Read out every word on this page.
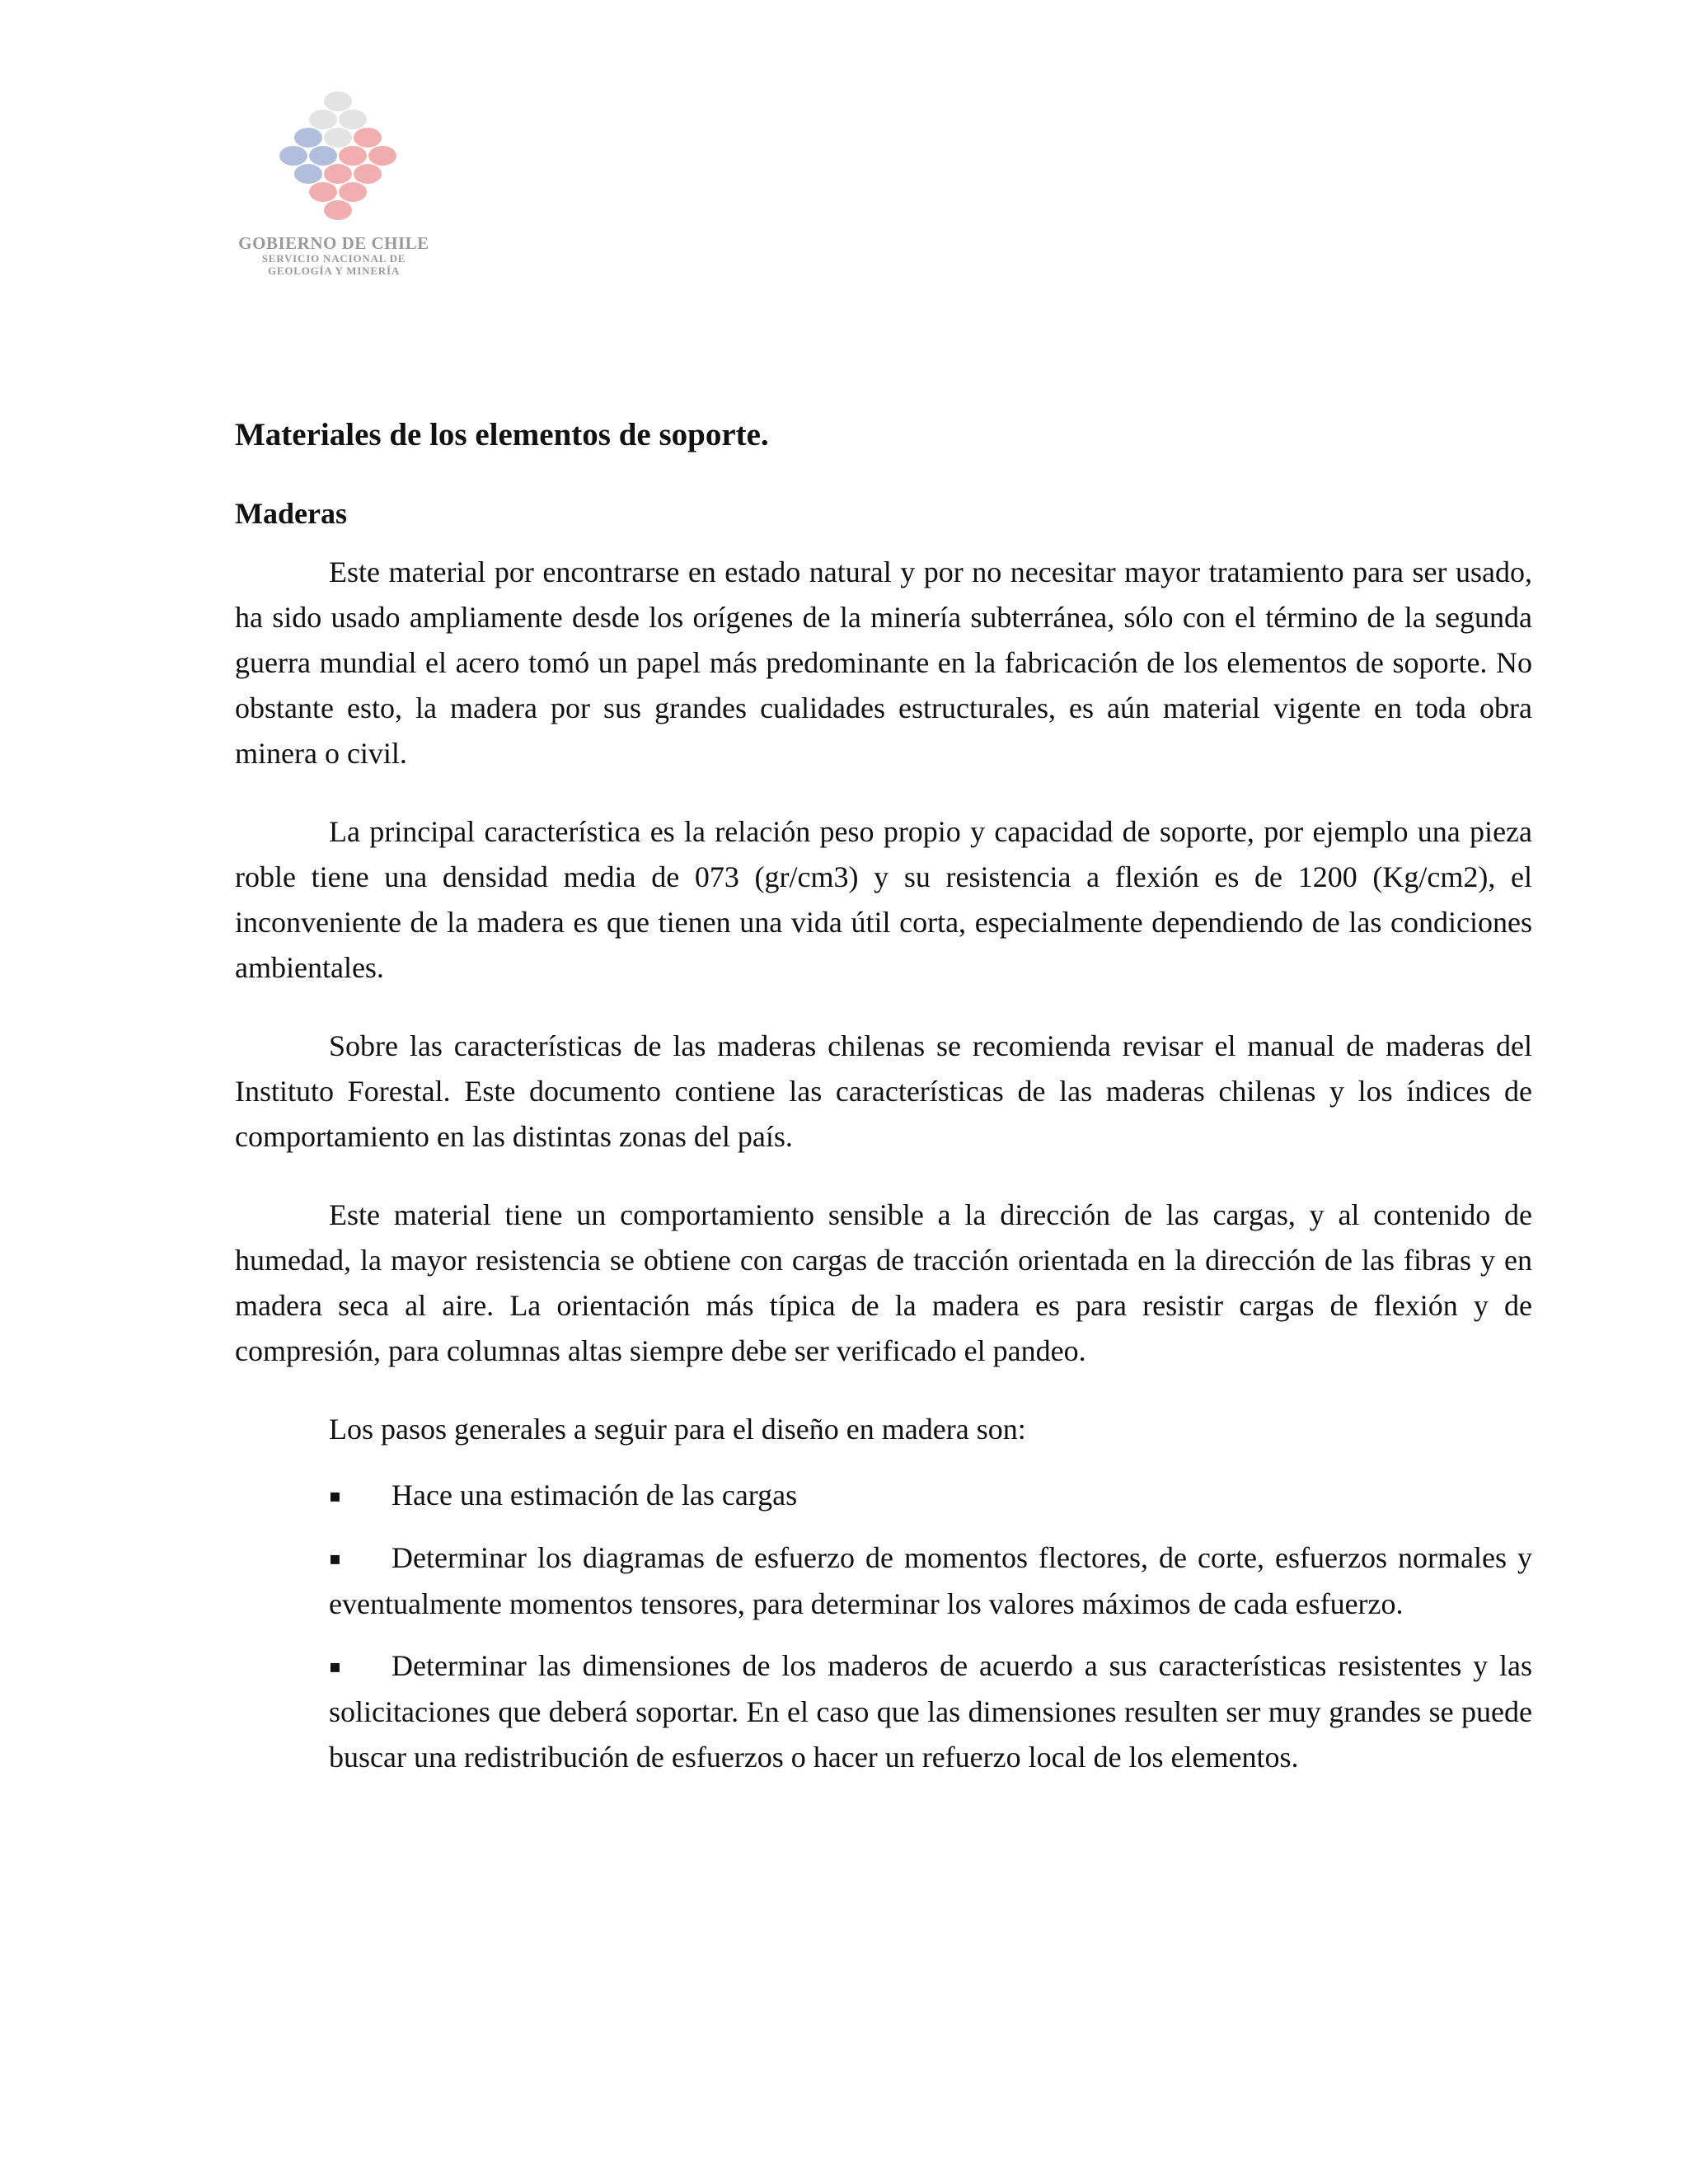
GOBIERNO DE CHILE
SERVICIO NACIONAL DE
GEOLOGÍA Y MINERÍA
Materiales de los elementos de soporte.
Maderas

Este material por encontrarse en estado natural y por no necesitar mayor tratamiento para ser usado, ha sido usado ampliamente desde los orígenes de la minería subterránea, sólo con el término de la segunda guerra mundial el acero tomó un papel más predominante en la fabricación de los elementos de soporte. No obstante esto, la madera por sus grandes cualidades estructurales, es aún material vigente en toda obra minera o civil.

La principal característica es la relación peso propio y capacidad de soporte, por ejemplo una pieza roble tiene una densidad media de 073 (gr/cm3) y su resistencia a flexión es de 1200 (Kg/cm2), el inconveniente de la madera es que tienen una vida útil corta, especialmente dependiendo de las condiciones ambientales.

Sobre las características de las maderas chilenas se recomienda revisar el manual de maderas del Instituto Forestal. Este documento contiene las características de las maderas chilenas y los índices de comportamiento en las distintas zonas del país.

Este material tiene un comportamiento sensible a la dirección de las cargas, y al contenido de humedad, la mayor resistencia se obtiene con cargas de tracción orientada en la dirección de las fibras y en madera seca al aire. La orientación más típica de la madera es para resistir cargas de flexión y de compresión, para columnas altas siempre debe ser verificado el pandeo.

Los pasos generales a seguir para el diseño en madera son:

▪ Hace una estimación de las cargas
▪ Determinar los diagramas de esfuerzo de momentos flectores, de corte, esfuerzos normales y eventualmente momentos tensores, para determinar los valores máximos de cada esfuerzo.
▪ Determinar las dimensiones de los maderos de acuerdo a sus características resistentes y las solicitaciones que deberá soportar. En el caso que las dimensiones resulten ser muy grandes se puede buscar una redistribución de esfuerzos o hacer un refuerzo local de los elementos.
